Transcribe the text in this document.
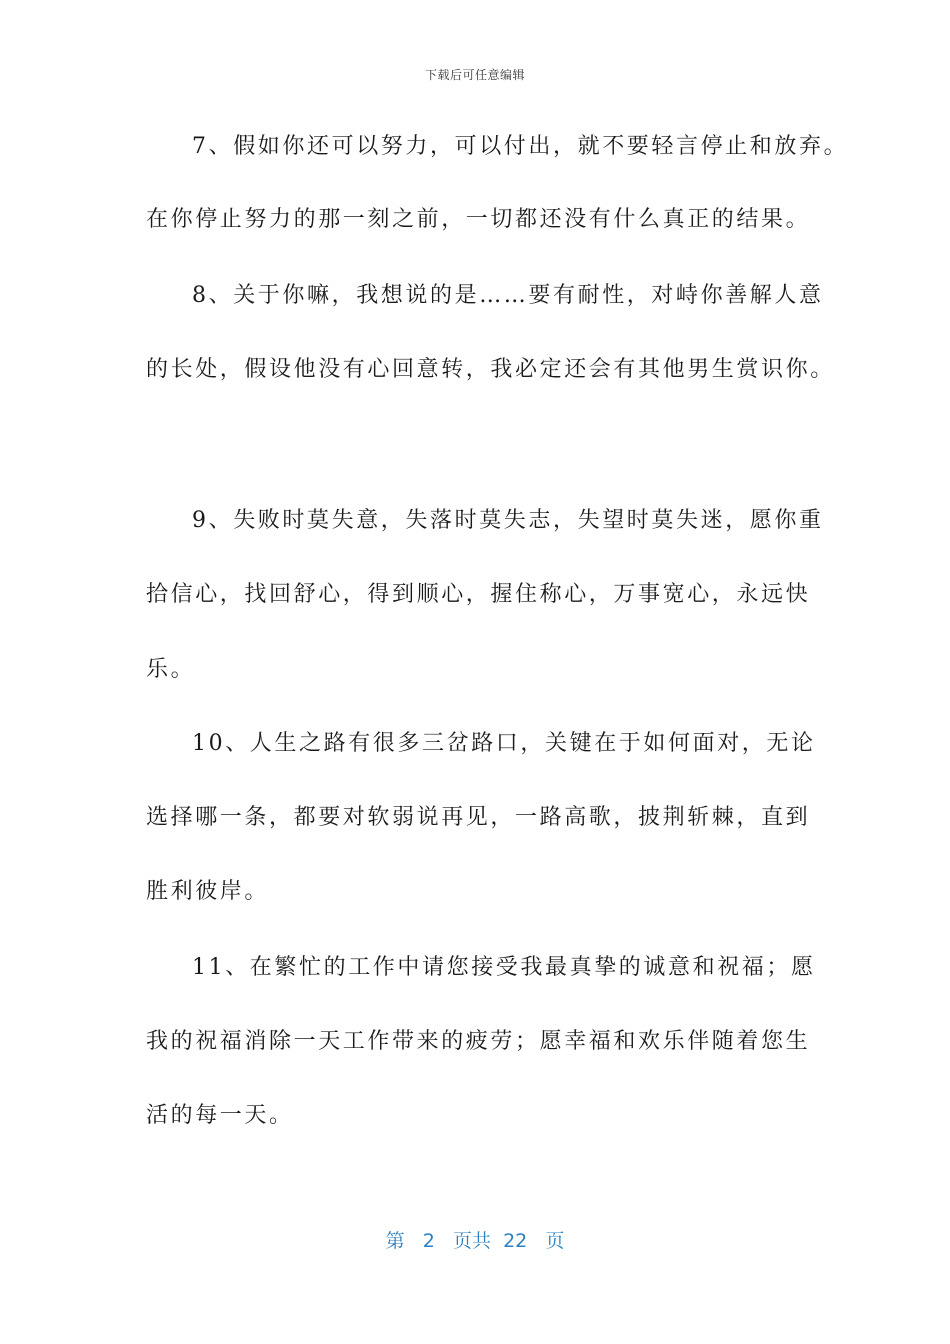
下载后可任意编辑
7、假如你还可以努力，可以付出，就不要轻言停止和放弃。
在你停止努力的那一刻之前，一切都还没有什么真正的结果。
8、关于你嘛，我想说的是……要有耐性，对峙你善解人意
的长处，假设他没有心回意转，我必定还会有其他男生赏识你。
9、失败时莫失意，失落时莫失志，失望时莫失迷，愿你重
拾信心，找回舒心，得到顺心，握住称心，万事宽心，永远快
乐。
10、人生之路有很多三岔路口，关键在于如何面对，无论
选择哪一条，都要对软弱说再见，一路高歌，披荆斩棘，直到
胜利彼岸。
11、在繁忙的工作中请您接受我最真挚的诚意和祝福；愿
我的祝福消除一天工作带来的疲劳；愿幸福和欢乐伴随着您生
活的每一天。
第 2 页共 22 页
